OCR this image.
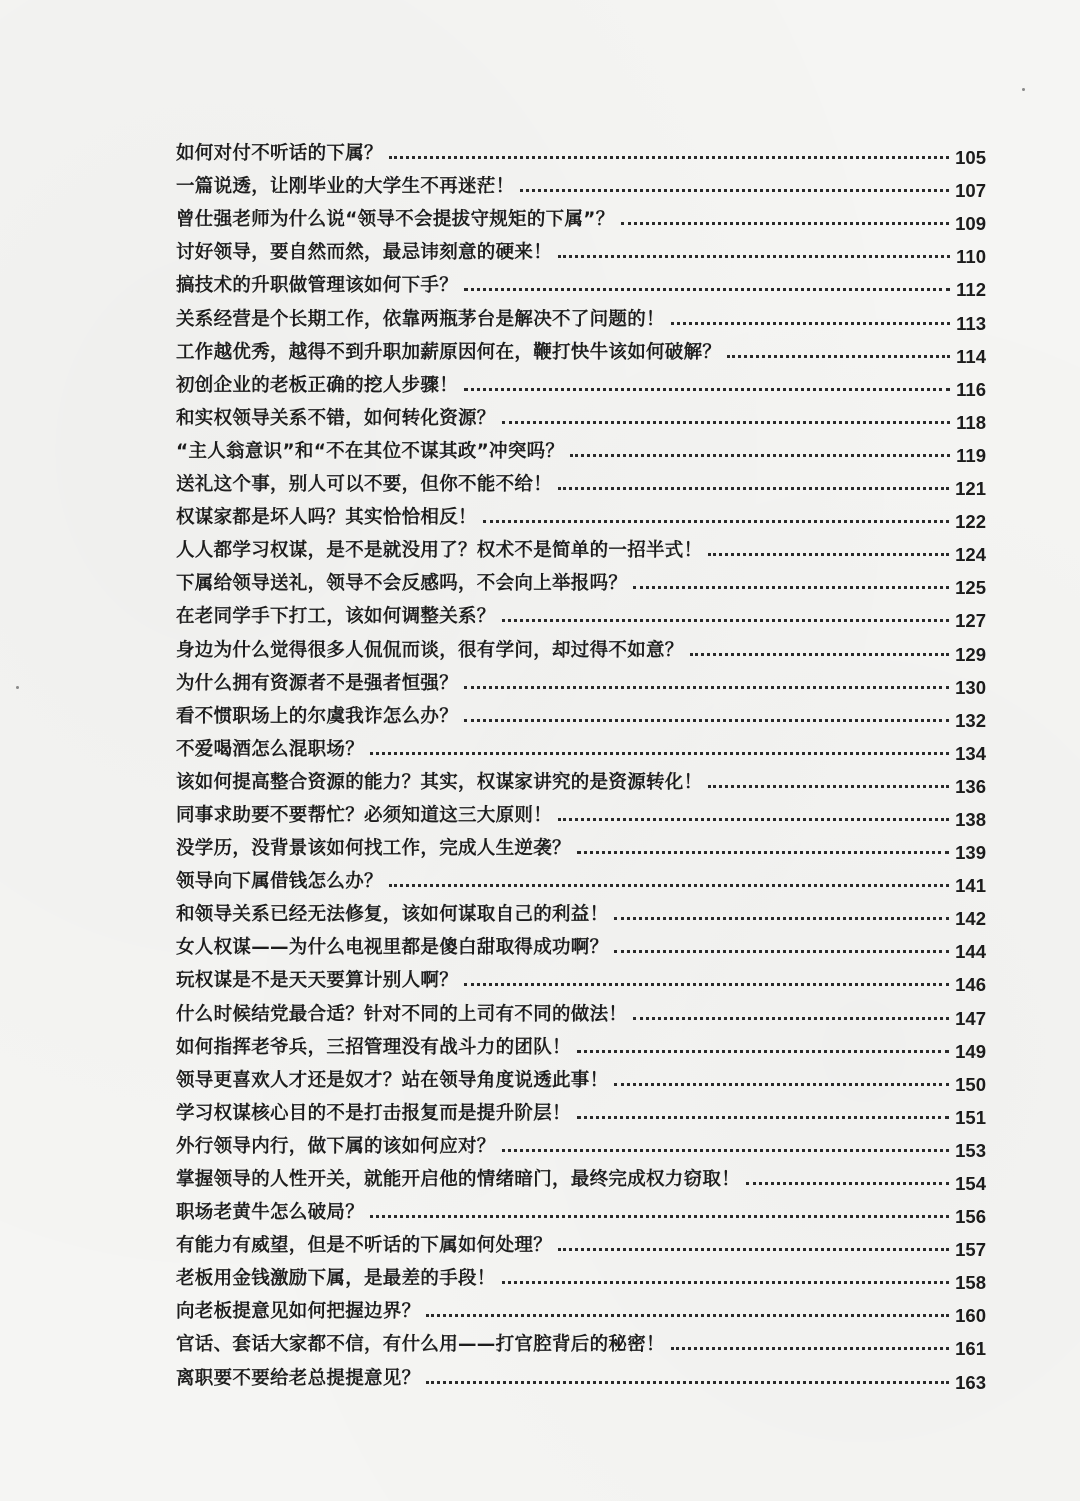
如何对付不听话的下属？	105
一篇说透，让刚毕业的大学生不再迷茫！	107
曾仕强老师为什么说“领导不会提拔守规矩的下属”？	109
讨好领导，要自然而然，最忌讳刻意的硬来！	110
搞技术的升职做管理该如何下手？	112
关系经营是个长期工作，依靠两瓶茅台是解决不了问题的！	113
工作越优秀，越得不到升职加薪原因何在，鞭打快牛该如何破解？	114
初创企业的老板正确的挖人步骤！	116
和实权领导关系不错，如何转化资源？	118
“主人翁意识”和“不在其位不谋其政”冲突吗？	119
送礼这个事，别人可以不要，但你不能不给！	121
权谋家都是坏人吗？其实恰恰相反！	122
人人都学习权谋，是不是就没用了？权术不是简单的一招半式！	124
下属给领导送礼，领导不会反感吗，不会向上举报吗？	125
在老同学手下打工，该如何调整关系？	127
身边为什么觉得很多人侃侃而谈，很有学问，却过得不如意？	129
为什么拥有资源者不是强者恒强？	130
看不惯职场上的尔虞我诈怎么办？	132
不爱喝酒怎么混职场？	134
该如何提高整合资源的能力？其实，权谋家讲究的是资源转化！	136
同事求助要不要帮忙？必须知道这三大原则！	138
没学历，没背景该如何找工作，完成人生逆袭？	139
领导向下属借钱怎么办？	141
和领导关系已经无法修复，该如何谋取自己的利益！	142
女人权谋——为什么电视里都是傻白甜取得成功啊？	144
玩权谋是不是天天要算计别人啊？	146
什么时候结党最合适？针对不同的上司有不同的做法！	147
如何指挥老爷兵，三招管理没有战斗力的团队！	149
领导更喜欢人才还是奴才？站在领导角度说透此事！	150
学习权谋核心目的不是打击报复而是提升阶层！	151
外行领导内行，做下属的该如何应对？	153
掌握领导的人性开关，就能开启他的情绪暗门，最终完成权力窃取！	154
职场老黄牛怎么破局？	156
有能力有威望，但是不听话的下属如何处理？	157
老板用金钱激励下属，是最差的手段！	158
向老板提意见如何把握边界？	160
官话、套话大家都不信，有什么用——打官腔背后的秘密！	161
离职要不要给老总提提意见？	163
